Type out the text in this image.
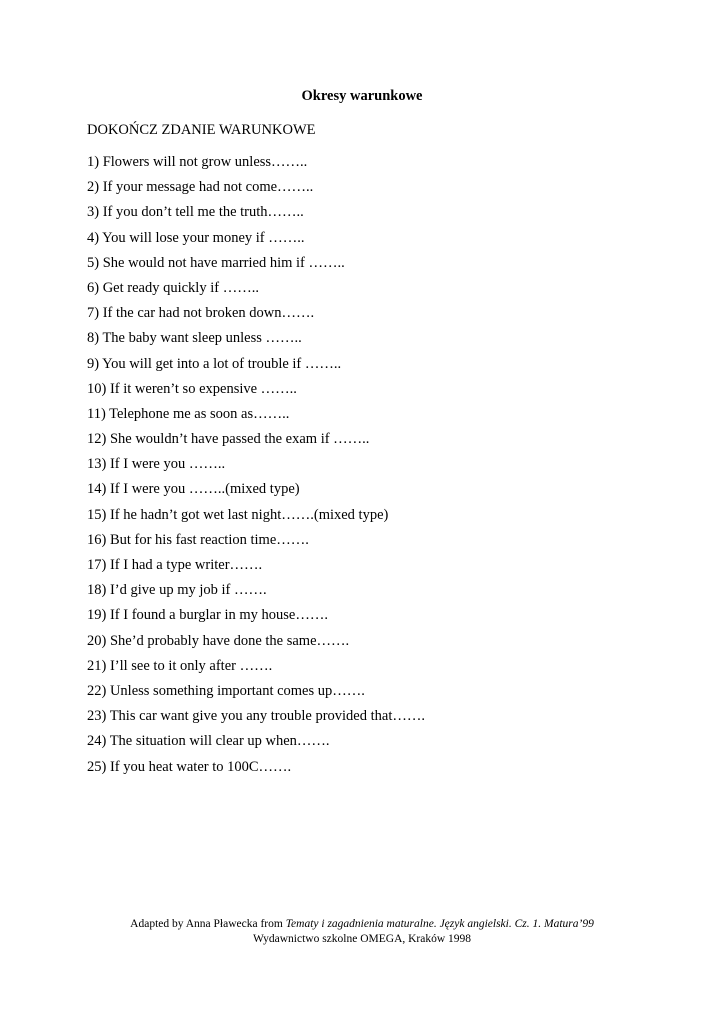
Okresy warunkowe
DOKOŃCZ ZDANIE WARUNKOWE
1) Flowers will not grow unless……..
2) If your message had not come……..
3) If you don’t tell me the truth……..
4) You will lose your money if ……..
5) She would not have married him if ……..
6) Get ready quickly if ……..
7) If the car had not broken down…….
8) The baby want sleep unless ……..
9) You will get into a lot of trouble if ……..
10) If it weren’t so expensive ……..
11) Telephone me as soon as……..
12) She wouldn’t have passed the exam if ……..
13) If I were you ……..
14) If I were you ……..(mixed type)
15) If he hadn’t got wet last night…….(mixed type)
16) But for his fast reaction time…….
17) If I had a type writer…….
18) I’d give up my job if …….
19) If I found a burglar in my house…….
20) She’d probably have done the same…….
21) I’ll see to it only after …….
22) Unless something important comes up…….
23) This car want give you any trouble provided that…….
24) The situation will clear up when…….
25) If you heat water to 100C…….
Adapted by Anna Pławecka from Tematy i zagadnienia maturalne. Język angielski. Cz. 1. Matura’99
Wydawnictwo szkolne OMEGA, Kraków 1998
